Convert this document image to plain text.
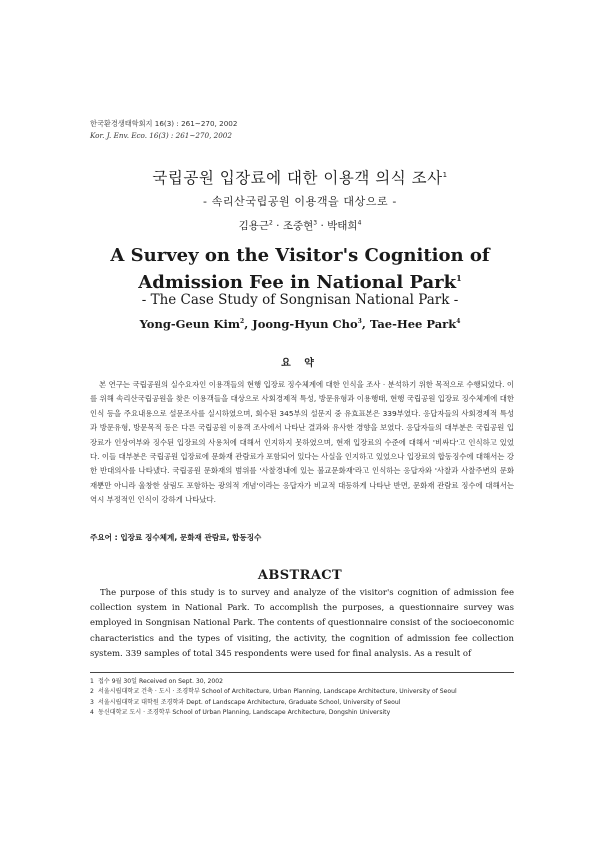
한국환경생태학회지 16(3) : 261~270, 2002
Kor. J. Env. Eco. 16(3) : 261~270, 2002
국립공원 입장료에 대한 이용객 의식 조사$^1$
- 속리산국립공원 이용객을 대상으로 -
김용근$^2$ · 조중현$^3$ · 박태희$^4$
A Survey on the Visitor's Cognition of
Admission Fee in National Park$^1$
- The Case Study of Songnisan National Park -
Yong-Geun Kim$^2$, Joong-Hyun Cho$^3$, Tae-Hee Park$^4$
요 약

본 연구는 국립공원의 실수요자인 이용객들의 현행 입장료 징수체계에 대한 인식을 조사 · 분석하기 위한 목적으로 수행되었다. 이를 위해 속리산국립공원을 찾은 이용객들을 대상으로 사회경제적 특성, 방문유형과 이용행태, 현행 국립공원 입장료 징수체계에 대한 인식 등을 주요내용으로 설문조사를 실시하였으며, 회수된 345부의 설문지 중 유효표본은 339부였다. 응답자들의 사회경제적 특성과 방문유형, 방문목적 등은 다른 국립공원 이용객 조사에서 나타난 결과와 유사한 경향을 보였다. 응답자들의 대부분은 국립공원 입장료가 인상여부와 징수된 입장료의 사용처에 대해서 인지하지 못하였으며, 현재 입장료의 수준에 대해서 '비싸다'고 인식하고 있었다. 이들 대부분은 국립공원 입장료에 문화재 관람료가 포함되어 있다는 사실을 인지하고 있었으나 입장료의 합동징수에 대해서는 강한 반대의사를 나타냈다. 국립공원 문화재의 범위를 '사찰경내에 있는 불교문화재'라고 인식하는 응답자와 '사찰과 사찰주변의 문화재뿐만 아니라 울창한 삼림도 포함하는 광의적 개념'이라는 응답자가 비교적 대등하게 나타난 반면, 문화재 관람료 징수에 대해서는 역시 부정적인 인식이 강하게 나타났다.

주요어 : 입장료 징수체계, 문화재 관람료, 합동징수
ABSTRACT

The purpose of this study is to survey and analyze of the visitor's cognition of admission fee collection system in National Park. To accomplish the purposes, a questionnaire survey was employed in Songnisan National Park. The contents of questionnaire consist of the socioeconomic characteristics and the types of visiting, the activity, the cognition of admission fee collection system. 339 samples of total 345 respondents were used for final analysis. As a result of

1 접수 9월 30일 Received on Sept. 30, 2002
2 서울시립대학교 건축 · 도시 · 조경학부 School of Architecture, Urban Planning, Landscape Architecture, University of Seoul
3 서울시립대학교 대학원 조경학과 Dept. of Landscape Architecture, Graduate School, University of Seoul
4 동신대학교 도시 · 조경학부 School of Urban Planning, Landscape Architecture, Dongshin University
